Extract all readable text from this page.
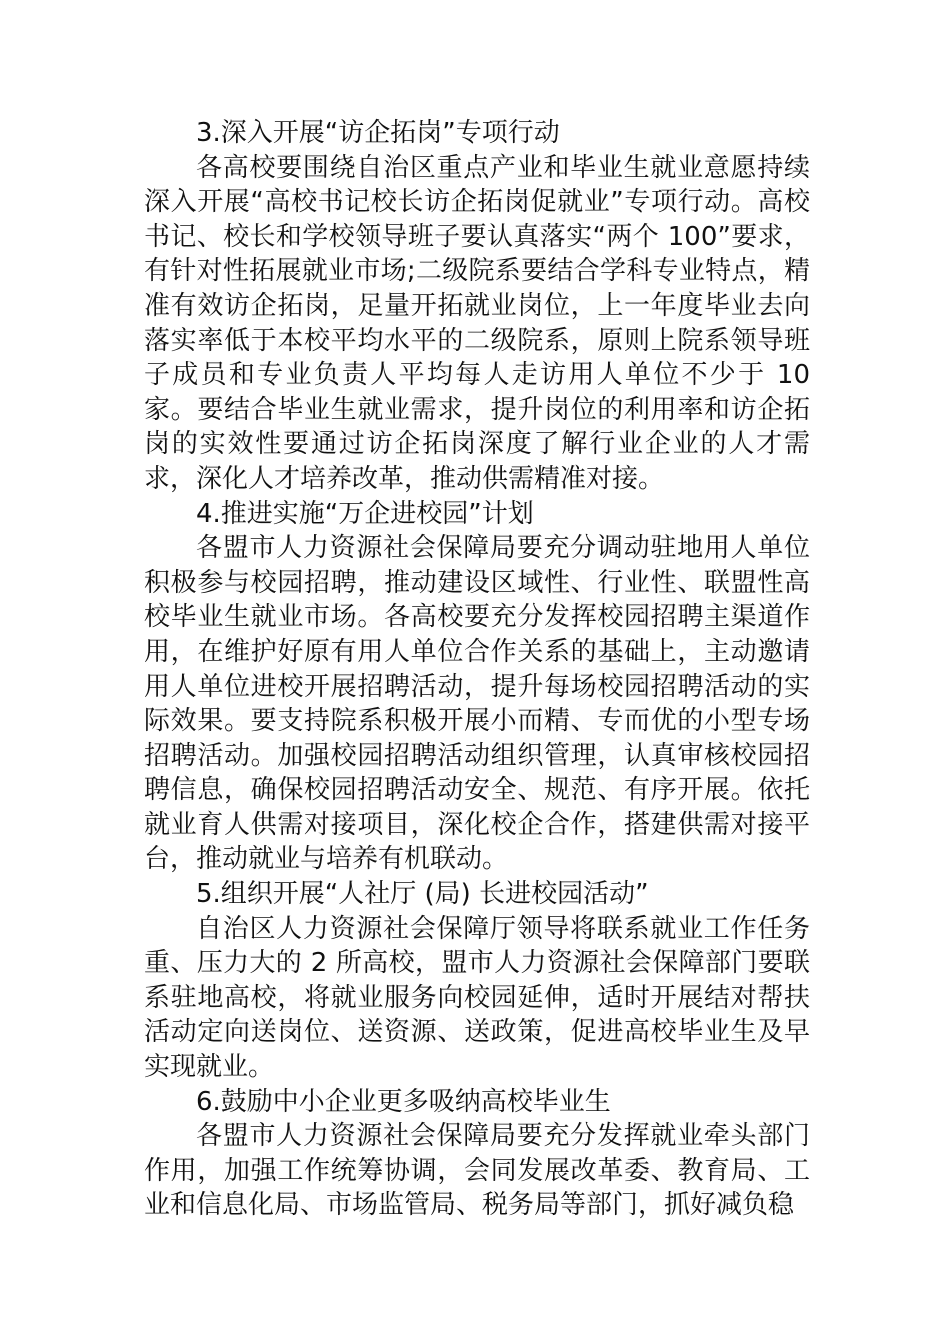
3.深入开展“访企拓岗”专项行动

各高校要围绕自治区重点产业和毕业生就业意愿持续深入开展“高校书记校长访企拓岗促就业”专项行动。高校书记、校长和学校领导班子要认真落实“两个 100”要求，有针对性拓展就业市场;二级院系要结合学科专业特点，精准有效访企拓岗，足量开拓就业岗位，上一年度毕业去向落实率低于本校平均水平的二级院系，原则上院系领导班子成员和专业负责人平均每人走访用人单位不少于 10 家。要结合毕业生就业需求，提升岗位的利用率和访企拓岗的实效性要通过访企拓岗深度了解行业企业的人才需求，深化人才培养改革，推动供需精准对接。

4.推进实施“万企进校园”计划

各盟市人力资源社会保障局要充分调动驻地用人单位积极参与校园招聘，推动建设区域性、行业性、联盟性高校毕业生就业市场。各高校要充分发挥校园招聘主渠道作用，在维护好原有用人单位合作关系的基础上，主动邀请用人单位进校开展招聘活动，提升每场校园招聘活动的实际效果。要支持院系积极开展小而精、专而优的小型专场招聘活动。加强校园招聘活动组织管理，认真审核校园招聘信息，确保校园招聘活动安全、规范、有序开展。依托就业育人供需对接项目，深化校企合作，搭建供需对接平台，推动就业与培养有机联动。

5.组织开展“人社厅 (局) 长进校园活动”

自治区人力资源社会保障厅领导将联系就业工作任务重、压力大的 2 所高校，盟市人力资源社会保障部门要联系驻地高校，将就业服务向校园延伸，适时开展结对帮扶活动定向送岗位、送资源、送政策，促进高校毕业生及早实现就业。

6.鼓励中小企业更多吸纳高校毕业生

各盟市人力资源社会保障局要充分发挥就业牵头部门作用，加强工作统筹协调，会同发展改革委、教育局、工业和信息化局、市场监管局、税务局等部门，抓好减负稳
